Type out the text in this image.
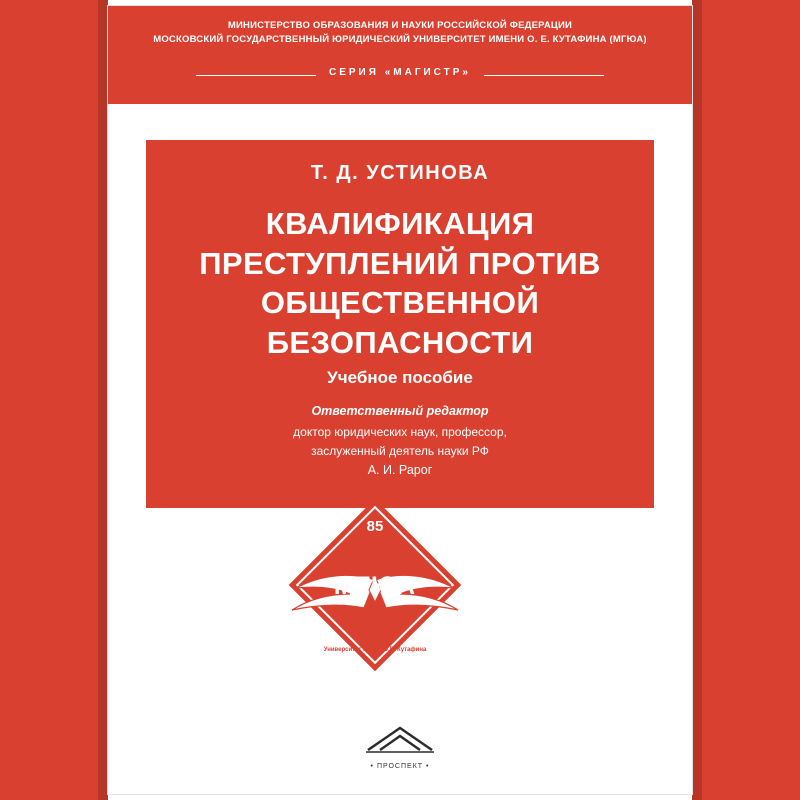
МИНИСТЕРСТВО ОБРАЗОВАНИЯ И НАУКИ РОССИЙСКОЙ ФЕДЕРАЦИИ
МОСКОВСКИЙ ГОСУДАРСТВЕННЫЙ ЮРИДИЧЕСКИЙ УНИВЕРСИТЕТ ИМЕНИ О. Е. КУТАФИНА (МГЮА)
СЕРИЯ «МАГИСТР»
Т. Д. УСТИНОВА
КВАЛИФИКАЦИЯ ПРЕСТУПЛЕНИЙ ПРОТИВ ОБЩЕСТВЕННОЙ БЕЗОПАСНОСТИ
Учебное пособие
Ответственный редактор
доктор юридических наук, профессор,
заслуженный деятель науки РФ
А. И. Рарог
85
МГЮА
Университет имени О.Е. Кутафина
• ПРОСПЕКТ •
